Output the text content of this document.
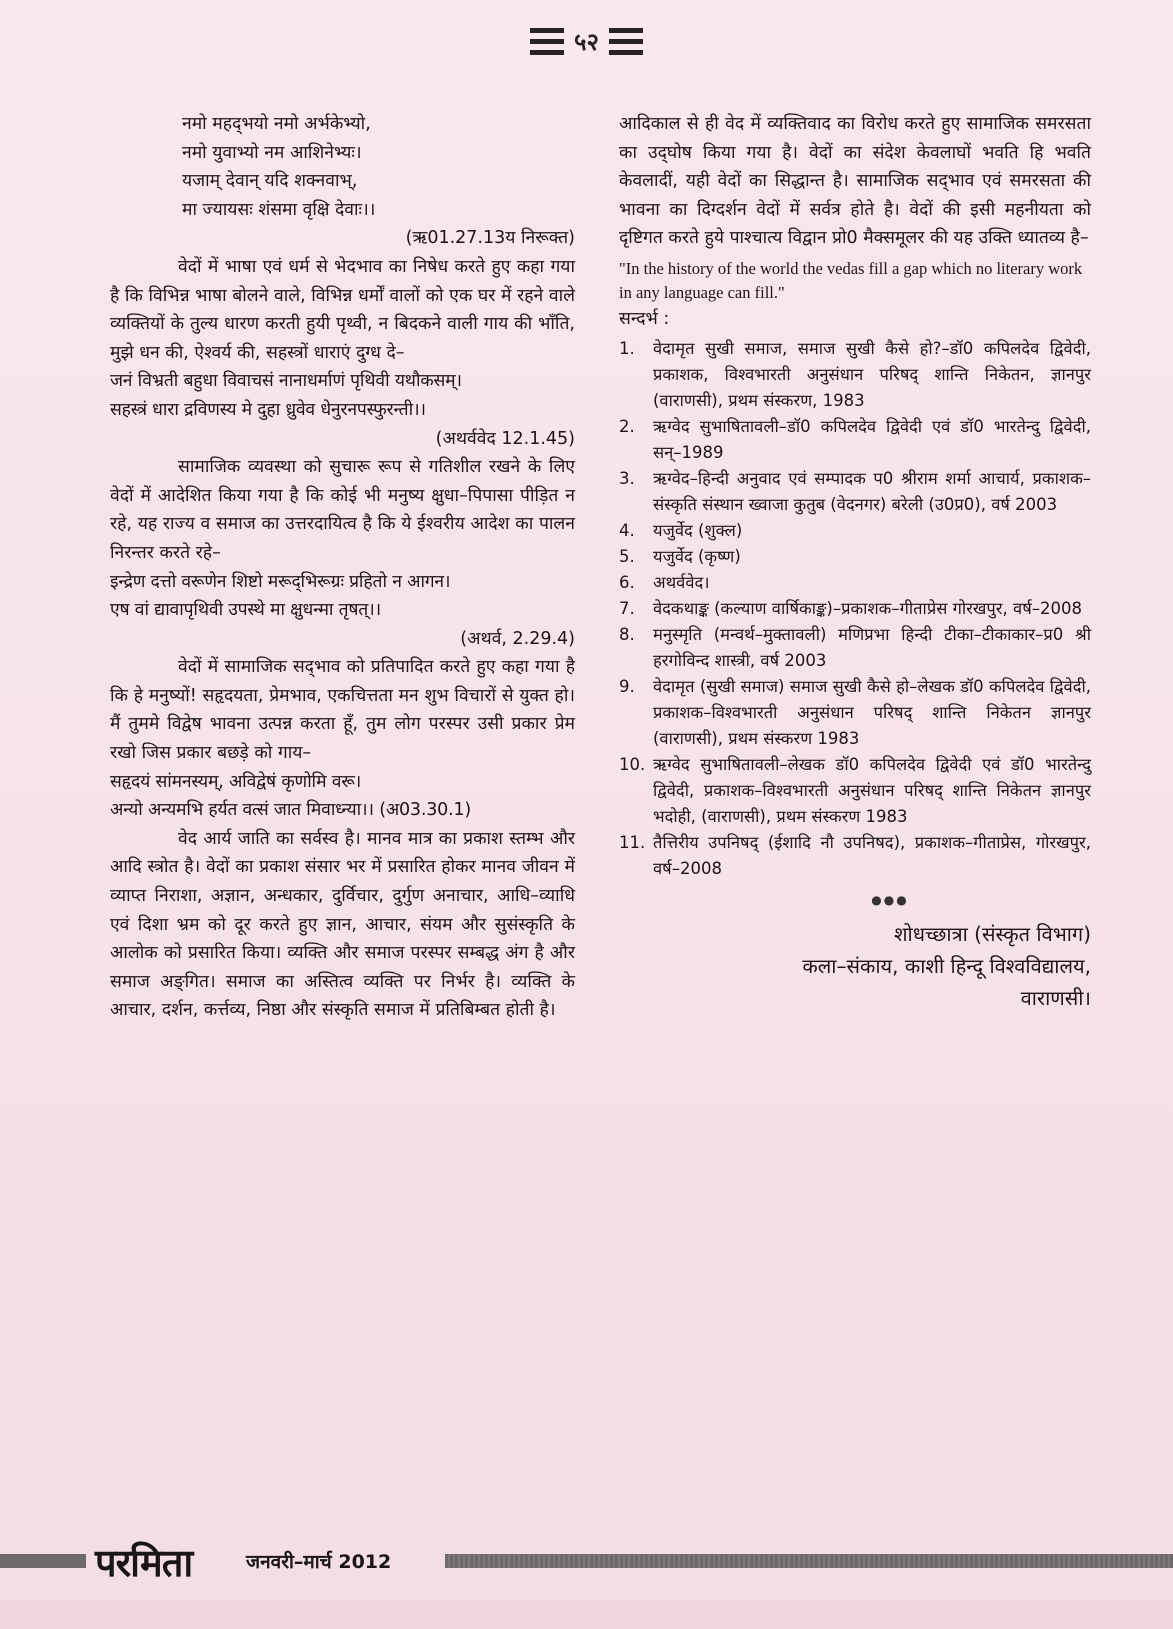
५२

नमो महद्‌भयो नमो अर्भकेभ्यो,
नमो युवाभ्यो नम आशिनेभ्यः।
यजाम्‌ देवान्‌ यदि शक्नवाभ्‌,
मा ज्यायसः शंसमा वृक्षि देवाः।।

(ऋ01.27.13य निरूक्त)

वेदों में भाषा एवं धर्म से भेदभाव का निषेध करते हुए कहा गया है कि विभिन्न भाषा बोलने वाले, विभिन्न धर्मों वालों को एक घर में रहने वाले व्यक्तियों के तुल्य धारण करती हुयी पृथ्वी, न बिदकने वाली गाय की भाँति, मुझे धन की, ऐश्वर्य की, सहस्त्रों धाराएं दुग्ध दे–

जनं विभ्रती बहुधा विवाचसं नानाधर्माणं पृथिवी यथौकसम्‌।
सहस्त्रं धारा द्रविणस्य मे दुहा ध्रुवेव धेनुरनपस्फुरन्ती।।
(अथर्ववेद 12.1.45)

सामाजिक व्यवस्था को सुचारू रूप से गतिशील रखने के लिए वेदों में आदेशित किया गया है कि कोई भी मनुष्य क्षुधा–पिपासा पीड़ित न रहे, यह राज्य व समाज का उत्तरदायित्व है कि ये ईश्वरीय आदेश का पालन निरन्तर करते रहे–

इन्द्रेण दत्तो वरूणेन शिष्टो मरूद्‌भिरूग्रः प्रहितो न आगन।
एष वां द्यावापृथिवी उपस्थे मा क्षुधन्मा तृषत्‌।।
(अथर्व, 2.29.4)

वेदों में सामाजिक सद्‌भाव को प्रतिपादित करते हुए कहा गया है कि हे मनुष्यों! सहृदयता, प्रेमभाव, एकचित्तता मन शुभ विचारों से युक्त हो। मैं तुममे विद्वेष भावना उत्पन्न करता हूँ, तुम लोग परस्पर उसी प्रकार प्रेम रखो जिस प्रकार बछड़े को गाय–

सहृदयं सांमनस्यम्‌, अविद्वेषं कृणोमि वरू।
अन्यो अन्यमभि हर्यत वत्सं जात मिवाध्न्या।। (अ03.30.1)

वेद आर्य जाति का सर्वस्व है। मानव मात्र का प्रकाश स्तम्भ और आदि स्त्रोत है। वेदों का प्रकाश संसार भर में प्रसारित होकर मानव जीवन में व्याप्त निराशा, अज्ञान, अन्धकार, दुर्विचार, दुर्गुण अनाचार, आधि–व्याधि एवं दिशा भ्रम को दूर करते हुए ज्ञान, आचार, संयम और सुसंस्कृति के आलोक को प्रसारित किया। व्यक्ति और समाज परस्पर सम्बद्ध अंग है और समाज अङ्‌गित। समाज का अस्तित्व व्यक्ति पर निर्भर है। व्यक्ति के आचार, दर्शन, कर्त्तव्य, निष्ठा और संस्कृति समाज में प्रतिबिम्बत होती है।

आदिकाल से ही वेद में व्यक्तिवाद का विरोध करते हुए सामाजिक समरसता का उद्‌घोष किया गया है। वेदों का संदेश केवलाघों भवति हि भवति केवलादीं, यही वेदों का सिद्धान्त है। सामाजिक सद्‌भाव एवं समरसता की भावना का दिग्दर्शन वेदों में सर्वत्र होते है। वेदों की इसी महनीयता को दृष्टिगत करते हुये पाश्चात्य विद्वान प्रो0 मैक्समूलर की यह उक्ति ध्यातव्य है–

"In the history of the world the vedas fill a gap which no literary work in any language can fill."

सन्दर्भ :
1.	वेदामृत सुखी समाज, समाज सुखी कैसे हो?–डॉ0 कपिलदेव द्विवेदी, प्रकाशक, विश्वभारती अनुसंधान परिषद्‌ शान्ति निकेतन, ज्ञानपुर (वाराणसी), प्रथम संस्करण, 1983
2.	ऋग्वेद सुभाषितावली–डॉ0 कपिलदेव द्विवेदी एवं डॉ0 भारतेन्दु द्विवेदी, सन्‌–1989
3.	ऋग्वेद–हिन्दी अनुवाद एवं सम्पादक प0 श्रीराम शर्मा आचार्य, प्रकाशक–संस्कृति संस्थान ख्वाजा कुतुब (वेदनगर) बरेली (उ0प्र0), वर्ष 2003
4.	यजुर्वेद (शुक्ल)
5.	यजुर्वेद (कृष्ण)
6.	अथर्ववेद।
7.	वेदकथाङ्क (कल्याण वार्षिकाङ्क)–प्रकाशक–गीताप्रेस गोरखपुर, वर्ष–2008
8.	मनुस्मृति (मन्वर्थ–मुक्तावली) मणिप्रभा हिन्दी टीका–टीकाकार–प्र0 श्री हरगोविन्द शास्त्री, वर्ष 2003
9.	वेदामृत (सुखी समाज) समाज सुखी कैसे हो–लेखक डॉ0 कपिलदेव द्विवेदी, प्रकाशक–विश्वभारती अनुसंधान परिषद्‌ शान्ति निकेतन ज्ञानपुर (वाराणसी), प्रथम संस्करण 1983
10. ऋग्वेद सुभाषितावली–लेखक डॉ0 कपिलदेव द्विवेदी एवं डॉ0 भारतेन्दु द्विवेदी, प्रकाशक–विश्वभारती अनुसंधान परिषद्‌ शान्ति निकेतन ज्ञानपुर भदोही, (वाराणसी), प्रथम संस्करण 1983
11. तैत्तिरीय उपनिषद्‌ (ईशादि नौ उपनिषद), प्रकाशक–गीताप्रेस, गोरखपुर, वर्ष–2008
●●●
शोधच्छात्रा (संस्कृत विभाग)
कला–संकाय, काशी हिन्दू विश्वविद्यालय,
वाराणसी।
परमिता	जनवरी–मार्च 2012
